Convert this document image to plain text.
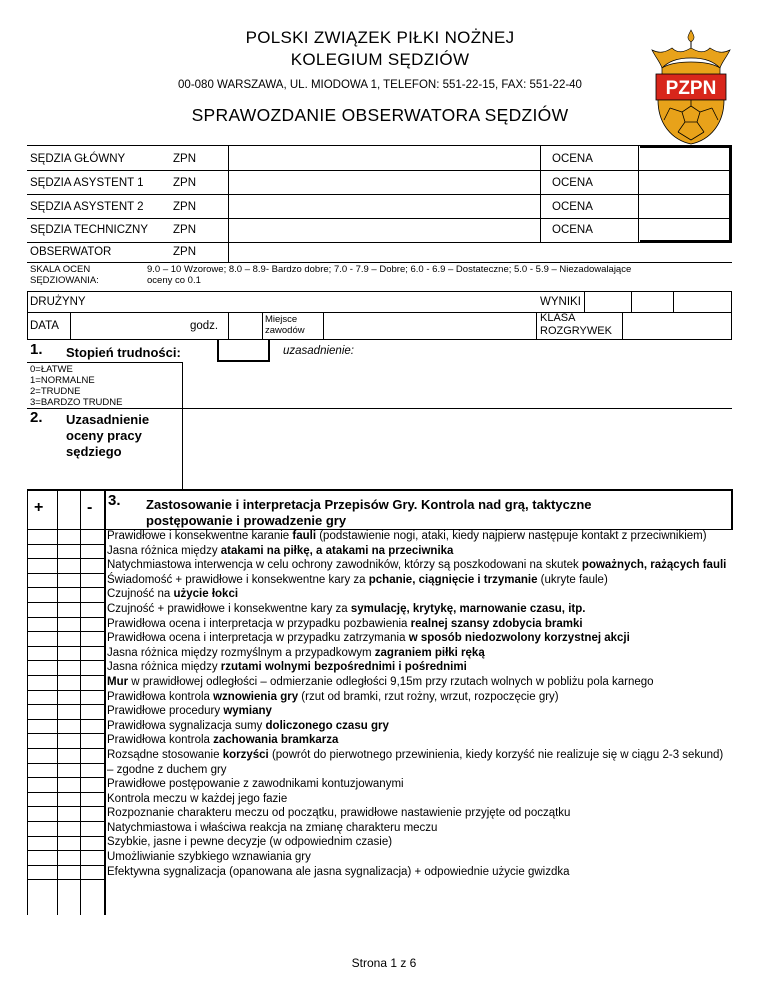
POLSKI ZWIĄZEK PIŁKI NOŻNEJ
KOLEGIUM SĘDZIÓW
00-080 WARSZAWA, UL. MIODOWA 1, TELEFON: 551-22-15, FAX: 551-22-40
SPRAWOZDANIE OBSERWATORA SĘDZIÓW
PZPN
SĘDZIA GŁÓWNY	ZPN	OCENA
SĘDZIA ASYSTENT 1	ZPN	OCENA
SĘDZIA ASYSTENT 2	ZPN	OCENA
SĘDZIA TECHNICZNY ZPN	OCENA
OBSERWATOR	ZPN
SKALA OCEN
SĘDZIOWANIA:
9.0 – 10 Wzorowe; 8.0 – 8.9- Bardzo dobre; 7.0 - 7.9 – Dobre; 6.0 - 6.9 – Dostateczne; 5.0 - 5.9 – Niezadowalające
oceny co 0.1
DRUŻYNY	WYNIKI
DATA	godz.
Miejsce
zawodów
KLASA
ROZGRYWEK
1. Stopień trudności:	uzasadnienie:
0=ŁATWE
1=NORMALNE
2=TRUDNE
3=BARDZO TRUDNE
2. Uzasadnienie
oceny pracy
sędziego
+	- 3. Zastosowanie i interpretacja Przepisów Gry. Kontrola nad grą, taktyczne
postępowanie i prowadzenie gry
Prawidłowe i konsekwentne karanie fauli (podstawienie nogi, ataki, kiedy najpierw następuje kontakt z przeciwnikiem)
Jasna różnica między atakami na piłkę, a atakami na przeciwnika
Natychmiastowa interwencja w celu ochrony zawodników, którzy są poszkodowani na skutek poważnych, rażących fauli
Świadomość + prawidłowe i konsekwentne kary za pchanie, ciągnięcie i trzymanie (ukryte faule)
Czujność na użycie łokci
Czujność + prawidłowe i konsekwentne kary za symulację, krytykę, marnowanie czasu, itp.
Prawidłowa ocena i interpretacja w przypadku pozbawienia realnej szansy zdobycia bramki
Prawidłowa ocena i interpretacja w przypadku zatrzymania w sposób niedozwolony korzystnej akcji
Jasna różnica między rozmyślnym a przypadkowym zagraniem piłki ręką
Jasna różnica między rzutami wolnymi bezpośrednimi i pośrednimi
Mur w prawidłowej odległości – odmierzanie odległości 9,15m przy rzutach wolnych w pobliżu pola karnego
Prawidłowa kontrola wznowienia gry (rzut od bramki, rzut rożny, wrzut, rozpoczęcie gry)
Prawidłowe procedury wymiany
Prawidłowa sygnalizacja sumy doliczonego czasu gry
Prawidłowa kontrola zachowania bramkarza
Rozsądne stosowanie korzyści (powrót do pierwotnego przewinienia, kiedy korzyść nie realizuje się w ciągu 2-3 sekund) – zgodne z duchem gry
Prawidłowe postępowanie z zawodnikami kontuzjowanymi
Kontrola meczu w każdej jego fazie
Rozpoznanie charakteru meczu od początku, prawidłowe nastawienie przyjęte od początku
Natychmiastowa i właściwa reakcja na zmianę charakteru meczu
Szybkie, jasne i pewne decyzje (w odpowiednim czasie)
Umożliwianie szybkiego wznawiania gry
Efektywna sygnalizacja (opanowana ale jasna sygnalizacja) + odpowiednie użycie gwizdka
Strona 1 z 6
